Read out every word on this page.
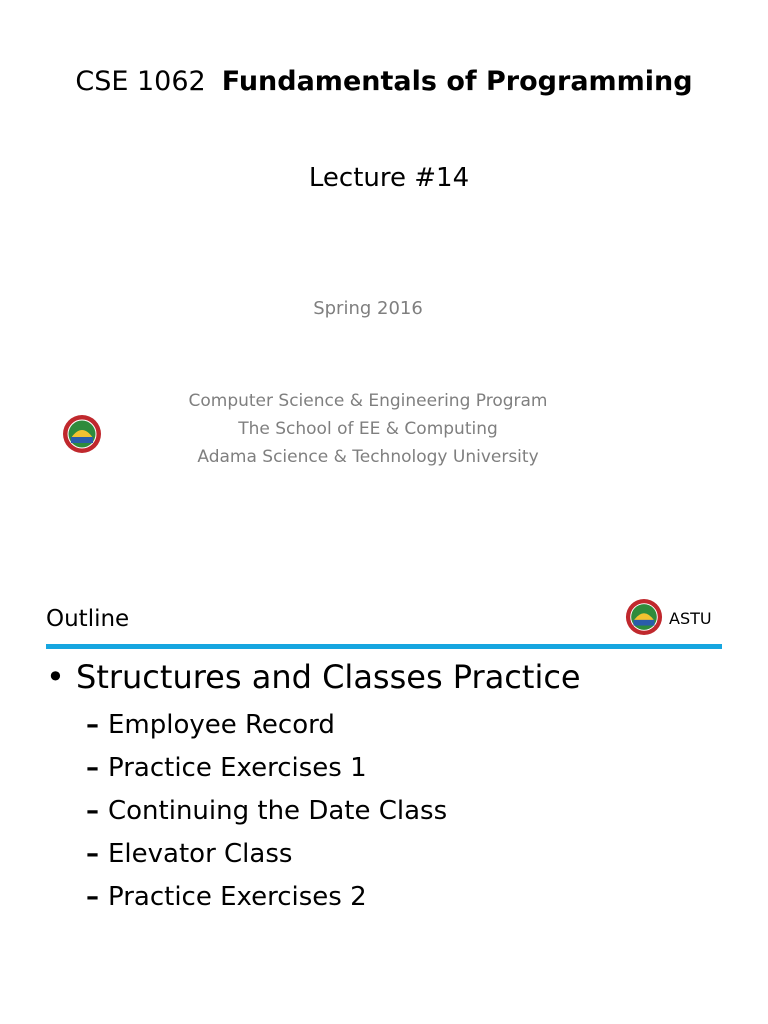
CSE 1062 Fundamentals of Programming
Lecture #14
Spring 2016
Computer Science & Engineering Program
The School of EE & Computing
Adama Science & Technology University
Outline	ASTU
• Structures and Classes Practice
– Employee Record
– Practice Exercises 1
– Continuing the Date Class
– Elevator Class
– Practice Exercises 2
